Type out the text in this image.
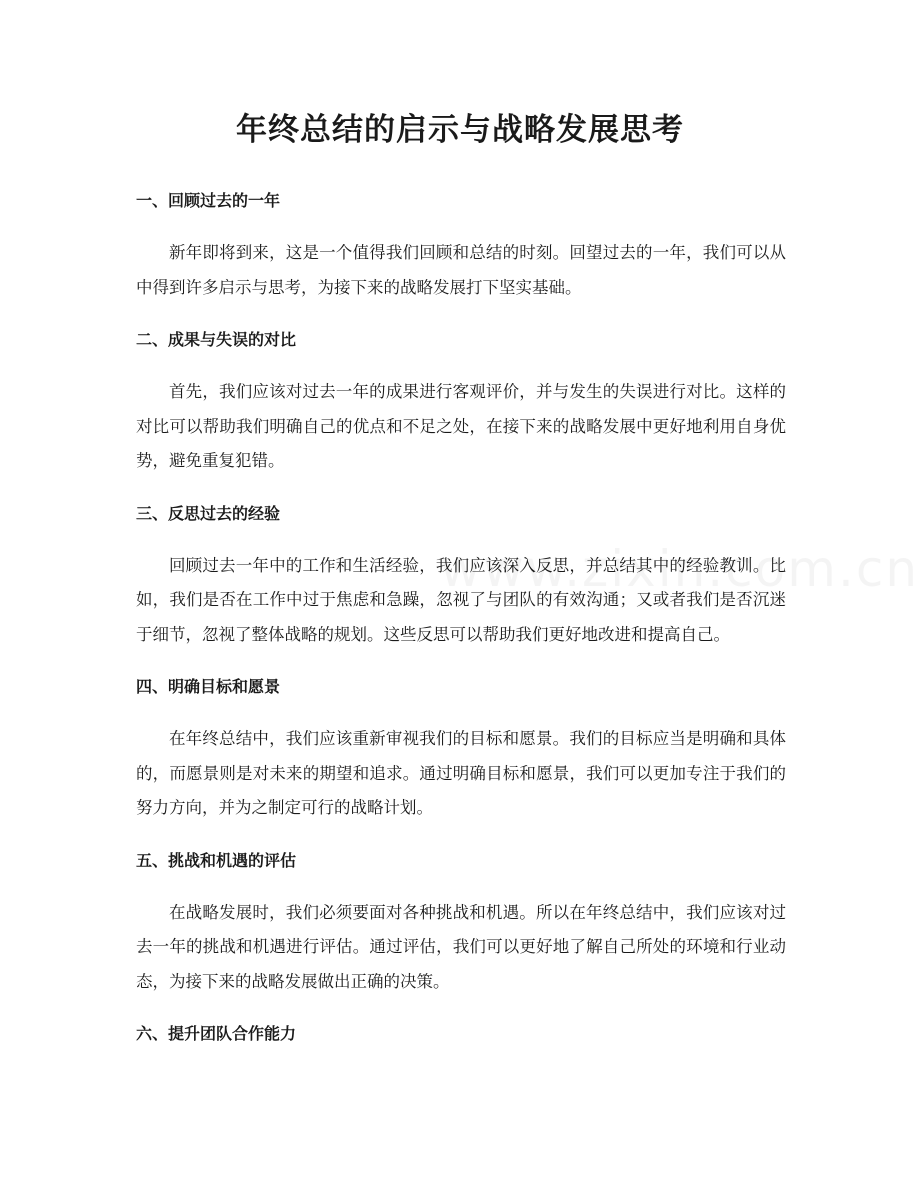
年终总结的启示与战略发展思考
一、回顾过去的一年

新年即将到来，这是一个值得我们回顾和总结的时刻。回望过去的一年，我们可以从中得到许多启示与思考，为接下来的战略发展打下坚实基础。

二、成果与失误的对比

首先，我们应该对过去一年的成果进行客观评价，并与发生的失误进行对比。这样的对比可以帮助我们明确自己的优点和不足之处，在接下来的战略发展中更好地利用自身优势，避免重复犯错。

三、反思过去的经验

回顾过去一年中的工作和生活经验，我们应该深入反思，并总结其中的经验教训。比如，我们是否在工作中过于焦虑和急躁，忽视了与团队的有效沟通；又或者我们是否沉迷于细节，忽视了整体战略的规划。这些反思可以帮助我们更好地改进和提高自己。

四、明确目标和愿景

在年终总结中，我们应该重新审视我们的目标和愿景。我们的目标应当是明确和具体的，而愿景则是对未来的期望和追求。通过明确目标和愿景，我们可以更加专注于我们的努力方向，并为之制定可行的战略计划。

五、挑战和机遇的评估

在战略发展时，我们必须要面对各种挑战和机遇。所以在年终总结中，我们应该对过去一年的挑战和机遇进行评估。通过评估，我们可以更好地了解自己所处的环境和行业动态，为接下来的战略发展做出正确的决策。

六、提升团队合作能力
